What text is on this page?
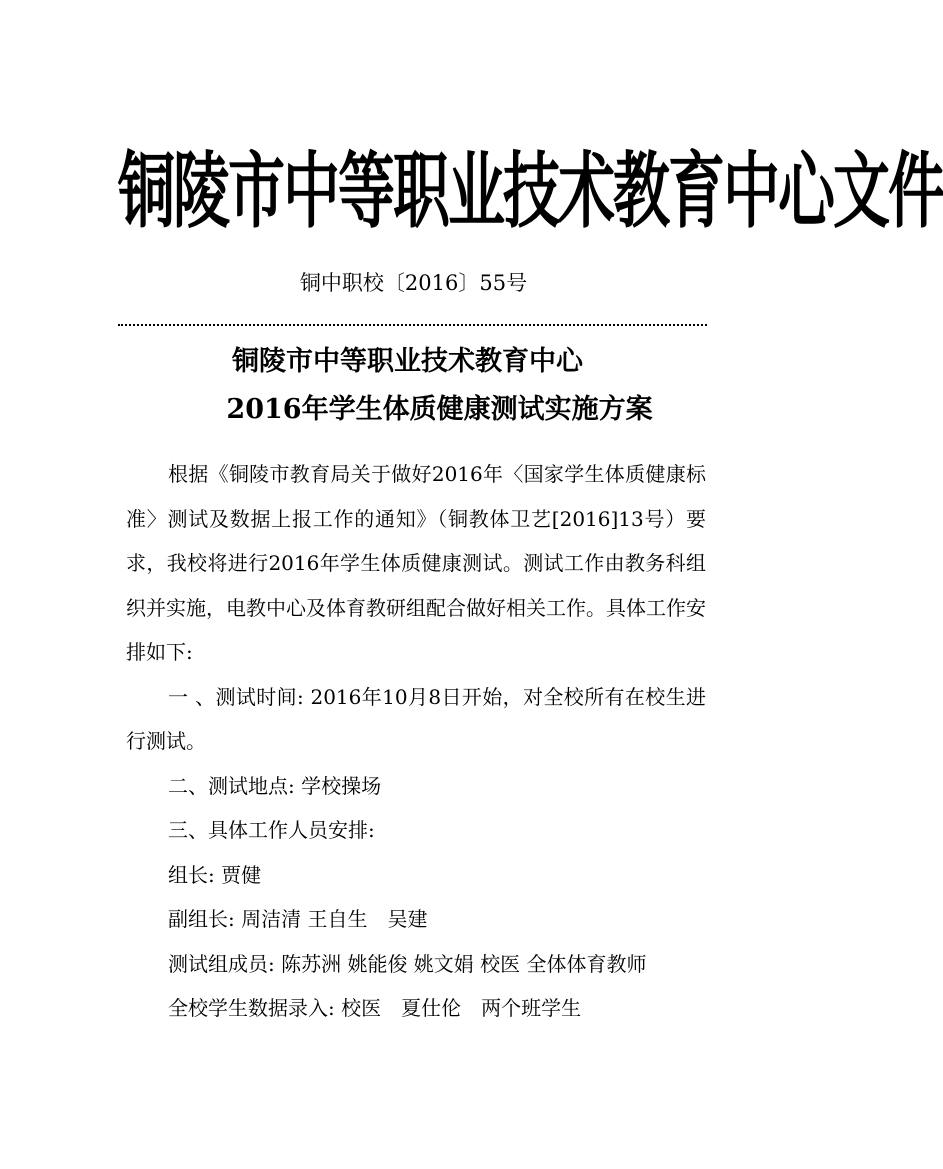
铜陵市中等职业技术教育中心文件
铜中职校〔2016〕55号
铜陵市中等职业技术教育中心
2016年学生体质健康测试实施方案

根据《铜陵市教育局关于做好2016年〈国家学生体质健康标准〉测试及数据上报工作的通知》（铜教体卫艺[2016]13号）要求，我校将进行2016年学生体质健康测试。测试工作由教务科组织并实施，电教中心及体育教研组配合做好相关工作。具体工作安排如下:

一 、测试时间: 2016年10月8日开始，对全校所有在校生进行测试。

二、测试地点: 学校操场

三、具体工作人员安排:

组长: 贾健

副组长: 周洁清 王自生　吴建

测试组成员: 陈苏洲 姚能俊 姚文娟 校医 全体体育教师

全校学生数据录入: 校医　夏仕伦　两个班学生
